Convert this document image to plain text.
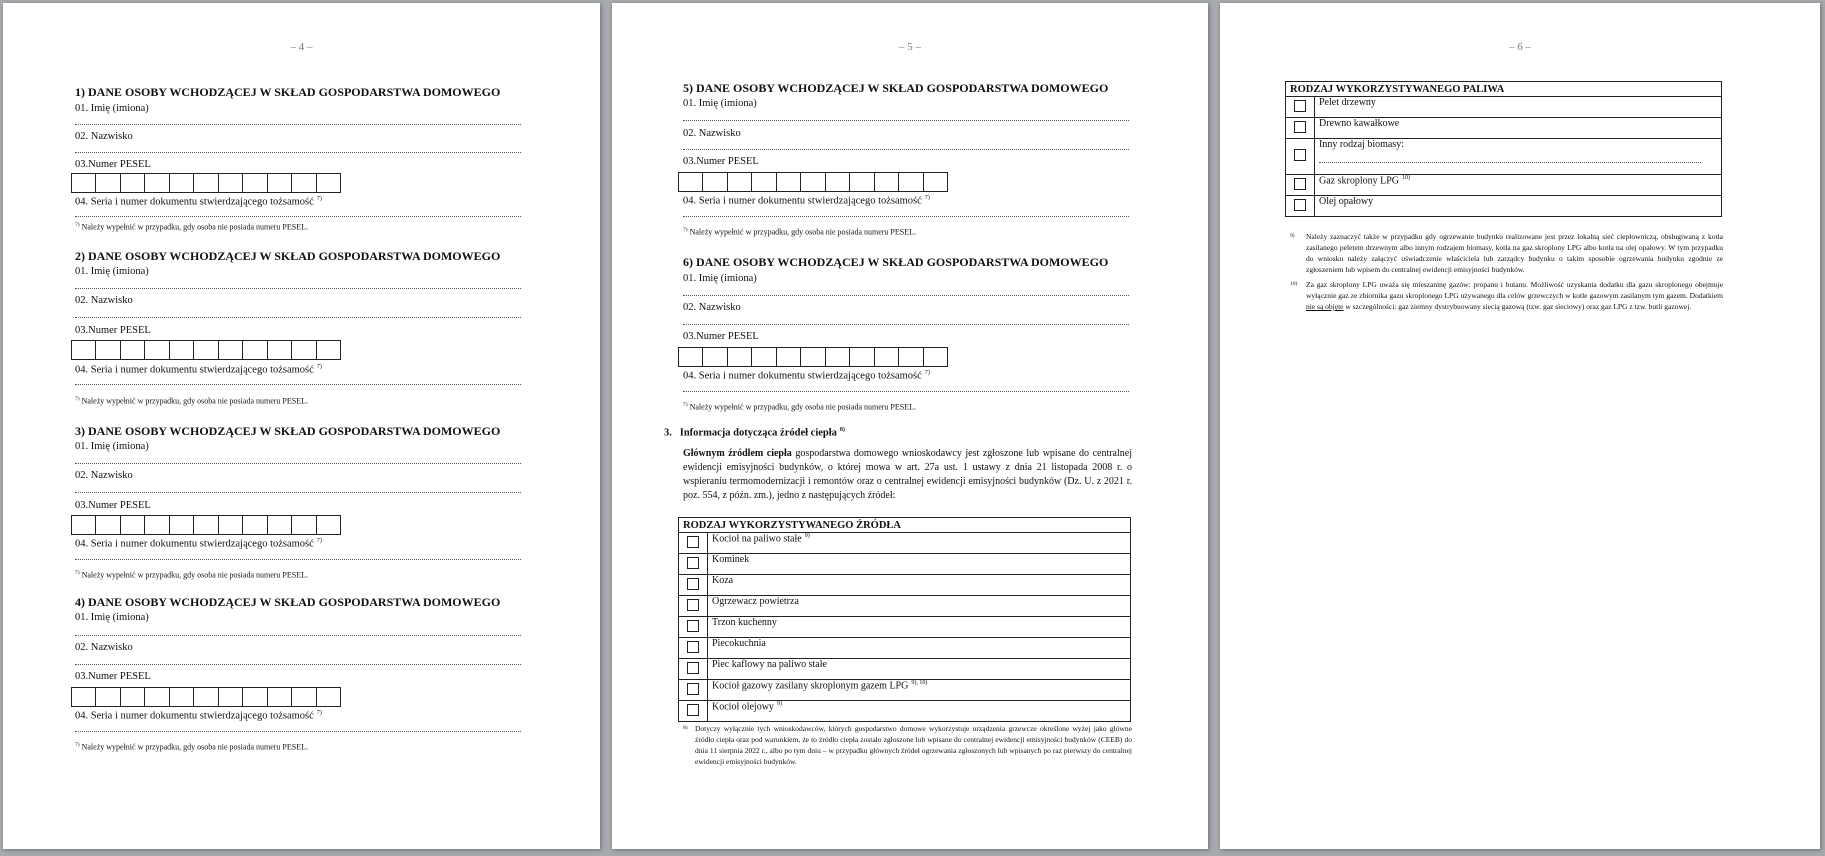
– 4 –
1) DANE OSOBY WCHODZĄCEJ W SKŁAD GOSPODARSTWA DOMOWEGO
01. Imię (imiona)
02. Nazwisko
03.Numer PESEL
04. Seria i numer dokumentu stwierdzającego tożsamość $^{7)}$
$^{7)}$ Należy wypełnić w przypadku, gdy osoba nie posiada numeru PESEL.
2) DANE OSOBY WCHODZĄCEJ W SKŁAD GOSPODARSTWA DOMOWEGO
01. Imię (imiona)
02. Nazwisko
03.Numer PESEL
04. Seria i numer dokumentu stwierdzającego tożsamość $^{7)}$
$^{7)}$ Należy wypełnić w przypadku, gdy osoba nie posiada numeru PESEL.
3) DANE OSOBY WCHODZĄCEJ W SKŁAD GOSPODARSTWA DOMOWEGO
01. Imię (imiona)
02. Nazwisko
03.Numer PESEL
04. Seria i numer dokumentu stwierdzającego tożsamość $^{7)}$
$^{7)}$ Należy wypełnić w przypadku, gdy osoba nie posiada numeru PESEL.
4) DANE OSOBY WCHODZĄCEJ W SKŁAD GOSPODARSTWA DOMOWEGO
01. Imię (imiona)
02. Nazwisko
03.Numer PESEL
04. Seria i numer dokumentu stwierdzającego tożsamość $^{7)}$
$^{7)}$ Należy wypełnić w przypadku, gdy osoba nie posiada numeru PESEL.
– 5 –
5) DANE OSOBY WCHODZĄCEJ W SKŁAD GOSPODARSTWA DOMOWEGO
01. Imię (imiona)
02. Nazwisko
03.Numer PESEL
04. Seria i numer dokumentu stwierdzającego tożsamość $^{7)}$
$^{7)}$ Należy wypełnić w przypadku, gdy osoba nie posiada numeru PESEL.
6) DANE OSOBY WCHODZĄCEJ W SKŁAD GOSPODARSTWA DOMOWEGO
01. Imię (imiona)
02. Nazwisko
03.Numer PESEL
04. Seria i numer dokumentu stwierdzającego tożsamość $^{7)}$
$^{7)}$ Należy wypełnić w przypadku, gdy osoba nie posiada numeru PESEL.
3. Informacja dotycząca źródeł ciepła $^{8)}$
Głównym źródłem ciepła gospodarstwa domowego wnioskodawcy jest zgłoszone lub wpisane do centralnej ewidencji emisyjności budynków, o której mowa w art. 27a ust. 1 ustawy z dnia 21 listopada 2008 r. o wspieraniu termomodernizacji i remontów oraz o centralnej ewidencji emisyjności budynków (Dz. U. z 2021 r. poz. 554, z późn. zm.), jedno z następujących źródeł:
RODZAJ WYKORZYSTYWANEGO ŹRÓDŁA	
	Kocioł na paliwo stałe $^{9)}$
	Kominek
	Koza
	Ogrzewacz powietrza
	Trzon kuchenny
	Piecokuchnia
	Piec kaflowy na paliwo stałe
	Kocioł gazowy zasilany skroplonym gazem LPG $^{9), 10)}$
	Kocioł olejowy $^{9)}$
8) Dotyczy wyłącznie tych wnioskodawców, których gospodarstwo domowe wykorzystuje urządzenia grzewcze określone wyżej jako główne źródło ciepła oraz pod warunkiem, że to źródło ciepła zostało zgłoszone lub wpisane do centralnej ewidencji emisyjności budynków (CEEB) do dnia 11 sierpnia 2022 r., albo po tym dniu – w przypadku głównych źródeł ogrzewania zgłoszonych lub wpisanych po raz pierwszy do centralnej ewidencji emisyjności budynków.
– 6 –
RODZAJ WYKORZYSTYWANEGO PALIWA	
	Pelet drzewny
	Drewno kawałkowe
	Inny rodzaj biomasy:

	Gaz skroplony LPG $^{10)}$
	Olej opałowy
9)	Należy zaznaczyć także w przypadku gdy ogrzewanie budynku realizowane jest przez lokalną sieć ciepłowniczą, obsługiwaną z kotła zasilanego peletem drzewnym albo innym rodzajem biomasy, kotła na gaz skroplony LPG albo kotła na olej opałowy. W tym przypadku do wniosku należy załączyć oświadczenie właściciela lub zarządcy budynku o takim sposobie ogrzewania budynku zgodnie ze zgłoszeniem lub wpisem do centralnej ewidencji emisyjności budynków.
10)	Za gaz skroplony LPG uważa się mieszaninę gazów: propanu i butanu. Możliwość uzyskania dodatku dla gazu skroplonego obejmuje wyłącznie gaz ze zbiornika gazu skroplonego LPG używanego dla celów grzewczych w kotle gazowym zasilanym tym gazem. Dodatkiem nie są objęte w szczególności: gaz ziemny dystrybuowany siecią gazową (tzw. gaz sieciowy) oraz gaz LPG z tzw. butli gazowej.
